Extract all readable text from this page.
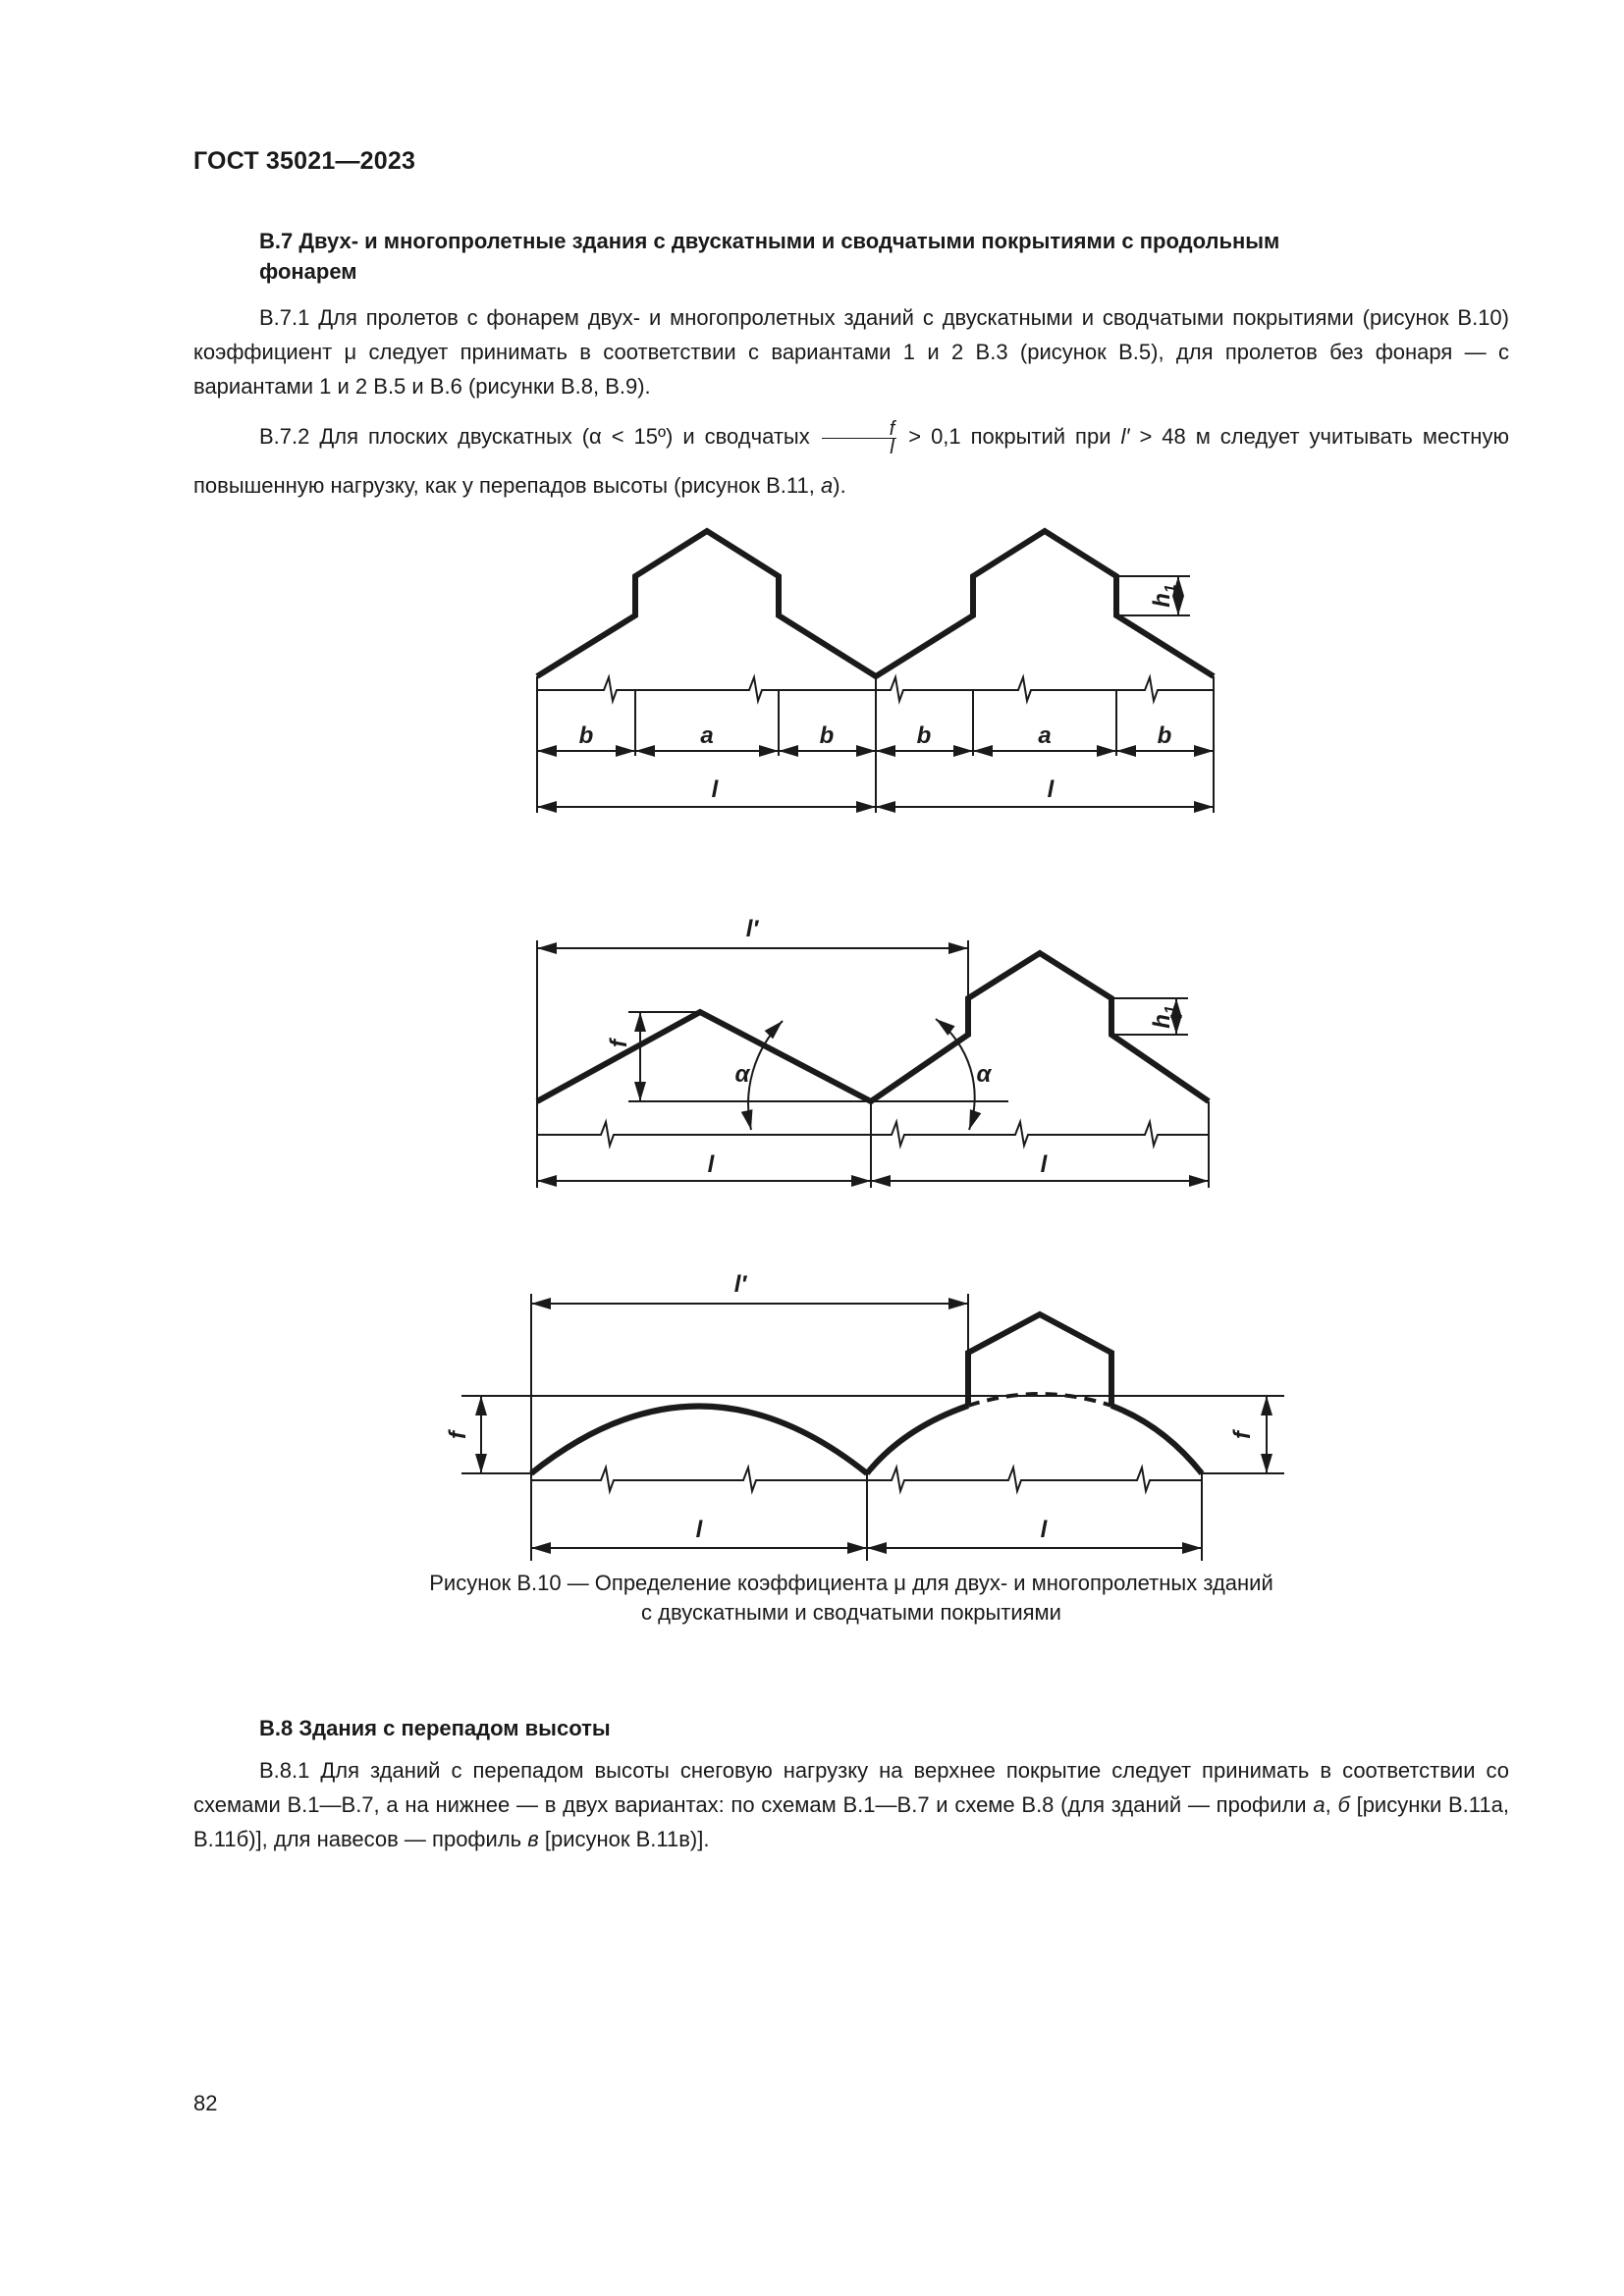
ГОСТ 35021—2023
В.7 Двух- и многопролетные здания с двускатными и сводчатыми покрытиями с продольным
фонарем
В.7.1 Для пролетов с фонарем двух- и многопролетных зданий с двускатными и сводчатыми покрытиями (рисунок В.10) коэффициент μ следует принимать в соответствии с вариантами 1 и 2 В.3 (рисунок В.5), для пролетов без фонаря — с вариантами 1 и 2 В.5 и В.6 (рисунки В.8, В.9).
В.7.2 Для плоских двускатных (α < 15º) и сводчатых $\frac{f}{l} > 0,1$ покрытий при l′ > 48 м следует учитывать местную повышенную нагрузку, как у перепадов высоты (рисунок В.11, а).
b	a	b	b	a	b
l	l
$h_1$
l′
f
α	α
l	l
$h_1$
l′
f	f
l	l
Рисунок В.10 — Определение коэффициента μ для двух- и многопролетных зданий
с двускатными и сводчатыми покрытиями
В.8 Здания с перепадом высоты
В.8.1 Для зданий с перепадом высоты снеговую нагрузку на верхнее покрытие следует принимать в соответствии со схемами В.1—В.7, а на нижнее — в двух вариантах: по схемам В.1—В.7 и схеме В.8 (для зданий — профили а, б [рисунки В.11а, В.11б)], для навесов — профиль в [рисунок В.11в)].
82
